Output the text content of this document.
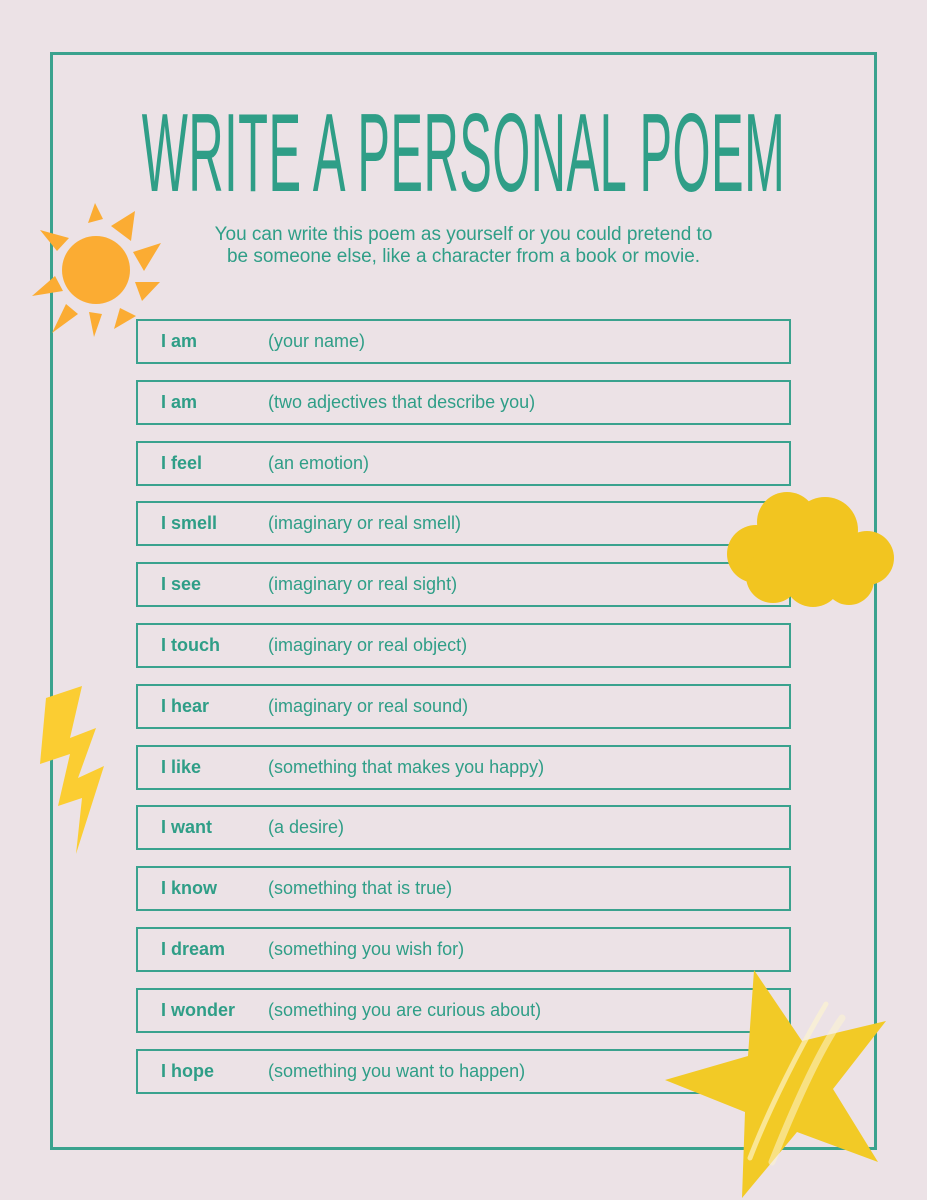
WRITE A PERSONAL POEM
You can write this poem as yourself or you could pretend to
be someone else, like a character from a book or movie.
I am	(your name)
I am	(two adjectives that describe you)
I feel	(an emotion)
I smell	(imaginary or real smell)
I see	(imaginary or real sight)
I touch	(imaginary or real object)
I hear	(imaginary or real sound)
I like	(something that makes you happy)
I want	(a desire)
I know	(something that is true)
I dream	(something you wish for)
I wonder	(something you are curious about)
I hope	(something you want to happen)
